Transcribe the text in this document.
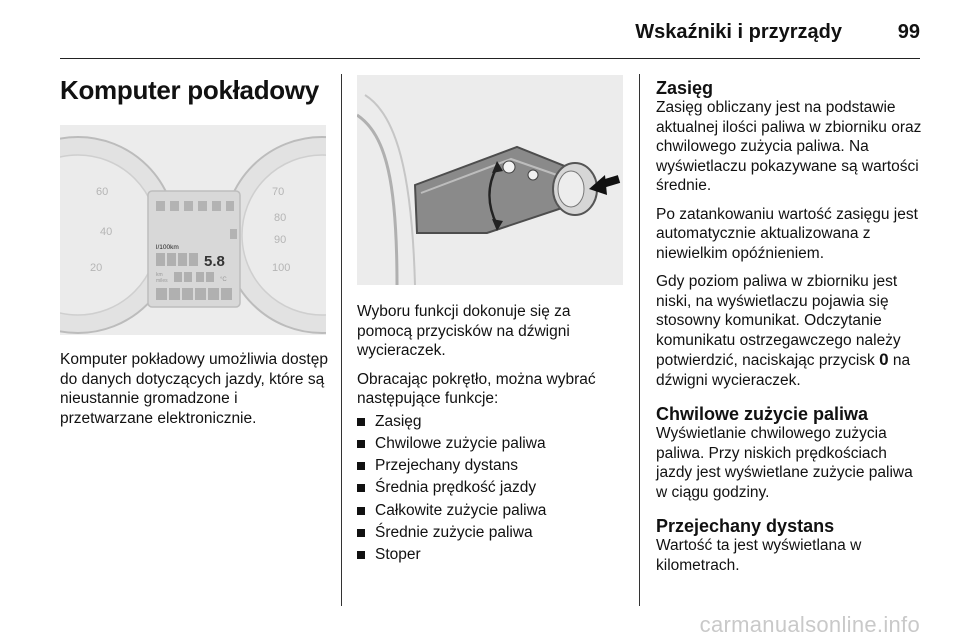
Wskaźniki i przyrządy	99
Komputer pokładowy
60
40
20
70
80
90
100
l/100km
5.8
km
miles	°C

Komputer pokładowy umożliwia dostęp do danych dotyczących jazdy, które są nieustannie gromadzone i przetwarzane elektronicznie.

Wyboru funkcji dokonuje się za pomocą przycisków na dźwigni wycieraczek.

Obracając pokrętło, można wybrać następujące funkcje:

Zasięg
Chwilowe zużycie paliwa
Przejechany dystans
Średnia prędkość jazdy
Całkowite zużycie paliwa
Średnie zużycie paliwa
Stoper
Zasięg

Zasięg obliczany jest na podstawie aktualnej ilości paliwa w zbiorniku oraz chwilowego zużycia paliwa. Na wyświetlaczu pokazywane są wartości średnie.

Po zatankowaniu wartość zasięgu jest automatycznie aktualizowana z niewielkim opóźnieniem.

Gdy poziom paliwa w zbiorniku jest niski, na wyświetlaczu pojawia się stosowny komunikat. Odczytanie komunikatu ostrzegawczego należy potwierdzić, naciskając przycisk 0 na dźwigni wycieraczek.

Chwilowe zużycie paliwa

Wyświetlanie chwilowego zużycia paliwa. Przy niskich prędkościach jazdy jest wyświetlane zużycie paliwa w ciągu godziny.

Przejechany dystans

Wartość ta jest wyświetlana w kilometrach.

carmanualsonline.info
